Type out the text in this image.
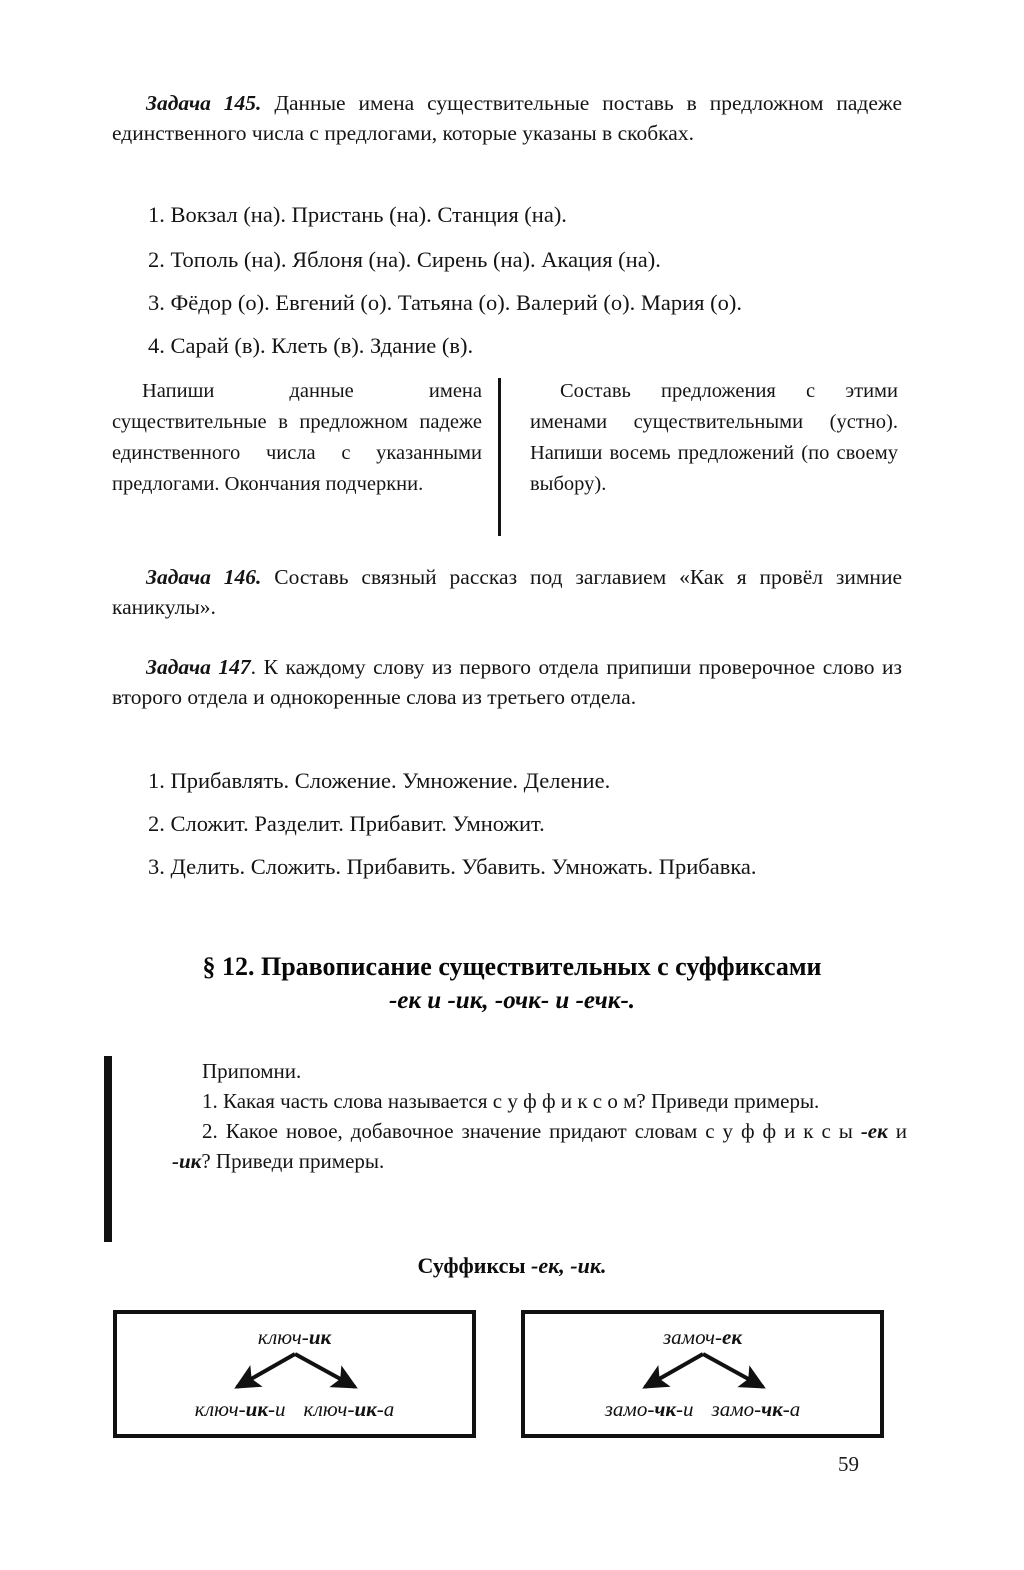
Задача 145. Данные имена существительные поставь в предложном падеже единственного числа с предлогами, которые указаны в скобках.
1. Вокзал (на). Пристань (на). Станция (на).
2. Тополь (на). Яблоня (на). Сирень (на). Акация (на).
3. Фёдор (о). Евгений (о). Татьяна (о). Валерий (о). Мария (о).
4. Сарай (в). Клеть (в). Здание (в).
Напиши данные имена существительные в предложном падеже единственного числа с указанными предлогами. Окончания подчеркни.
Составь предложения с этими именами существительными (устно). Напиши восемь предложений (по своему выбору).
Задача 146. Составь связный рассказ под заглавием «Как я провёл зимние каникулы».
Задача 147. К каждому слову из первого отдела припиши проверочное слово из второго отдела и однокоренные слова из третьего отдела.
1. Прибавлять. Сложение. Умножение. Деление.
2. Сложит. Разделит. Прибавит. Умножит.
3. Делить. Сложить. Прибавить. Убавить. Умножать. Прибавка.
§ 12. Правописание существительных с суффиксами
-ек и -ик, -очк- и -ечк-.

Припомни.

1. Какая часть слова называется с у ф ф и к с о м? Приведи примеры.

2. Какое новое, добавочное значение придают словам с у ф ф и к с ы -ек и -ик? Приведи примеры.

Суффиксы -ек, -ик.
ключ-ик
ключ-ик-и ключ-ик-а
замоч-ек
замо-чк-и замо-чк-а
59
